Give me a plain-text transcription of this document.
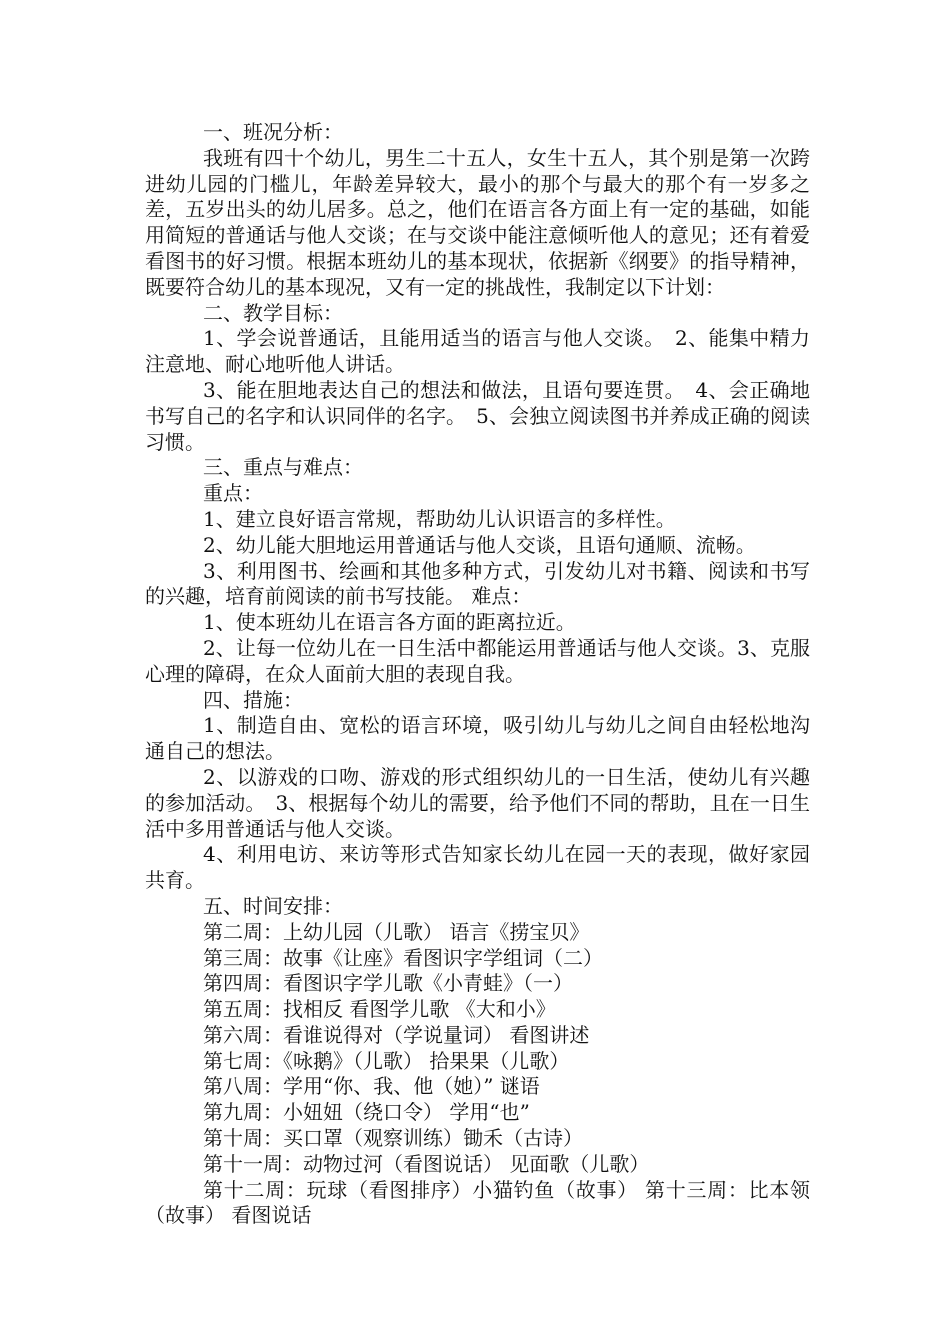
一、班况分析：

我班有四十个幼儿，男生二十五人，女生十五人，其个别是第一次跨进幼儿园的门槛儿，年龄差异较大，最小的那个与最大的那个有一岁多之差，五岁出头的幼儿居多。总之，他们在语言各方面上有一定的基础，如能用简短的普通话与他人交谈；在与交谈中能注意倾听他人的意见；还有着爱看图书的好习惯。根据本班幼儿的基本现状，依据新《纲要》的指导精神，既要符合幼儿的基本现况，又有一定的挑战性，我制定以下计划：

二、教学目标：

1、学会说普通话，且能用适当的语言与他人交谈。　2、能集中精力注意地、耐心地听他人讲话。

3、能在胆地表达自己的想法和做法，且语句要连贯。　4、会正确地书写自己的名字和认识同伴的名字。　5、会独立阅读图书并养成正确的阅读习惯。

三、重点与难点：

重点：

1、建立良好语言常规，帮助幼儿认识语言的多样性。

2、幼儿能大胆地运用普通话与他人交谈，且语句通顺、流畅。

3、利用图书、绘画和其他多种方式，引发幼儿对书籍、阅读和书写的兴趣，培育前阅读的前书写技能。 难点：

1、使本班幼儿在语言各方面的距离拉近。

2、让每一位幼儿在一日生活中都能运用普通话与他人交谈。3、克服心理的障碍，在众人面前大胆的表现自我。

四、措施：

1、制造自由、宽松的语言环境，吸引幼儿与幼儿之间自由轻松地沟通自己的想法。

2、以游戏的口吻、游戏的形式组织幼儿的一日生活，使幼儿有兴趣的参加活动。　3、根据每个幼儿的需要，给予他们不同的帮助，且在一日生活中多用普通话与他人交谈。

4、利用电访、来访等形式告知家长幼儿在园一天的表现，做好家园共育。

五、时间安排：

第二周：上幼儿园（儿歌） 语言《捞宝贝》

第三周：故事《让座》看图识字学组词（二）

第四周：看图识字学儿歌《小青蛙》（一）

第五周：找相反 看图学儿歌 《大和小》

第六周：看谁说得对（学说量词） 看图讲述

第七周：《咏鹅》（儿歌） 拾果果（儿歌）

第八周：学用“你、我、他（她）” 谜语

第九周：小妞妞（绕口令） 学用“也”

第十周：买口罩（观察训练）锄禾（古诗）

第十一周：动物过河（看图说话） 见面歌（儿歌）

第十二周：玩球（看图排序）小猫钓鱼（故事） 第十三周：比本领（故事） 看图说话
